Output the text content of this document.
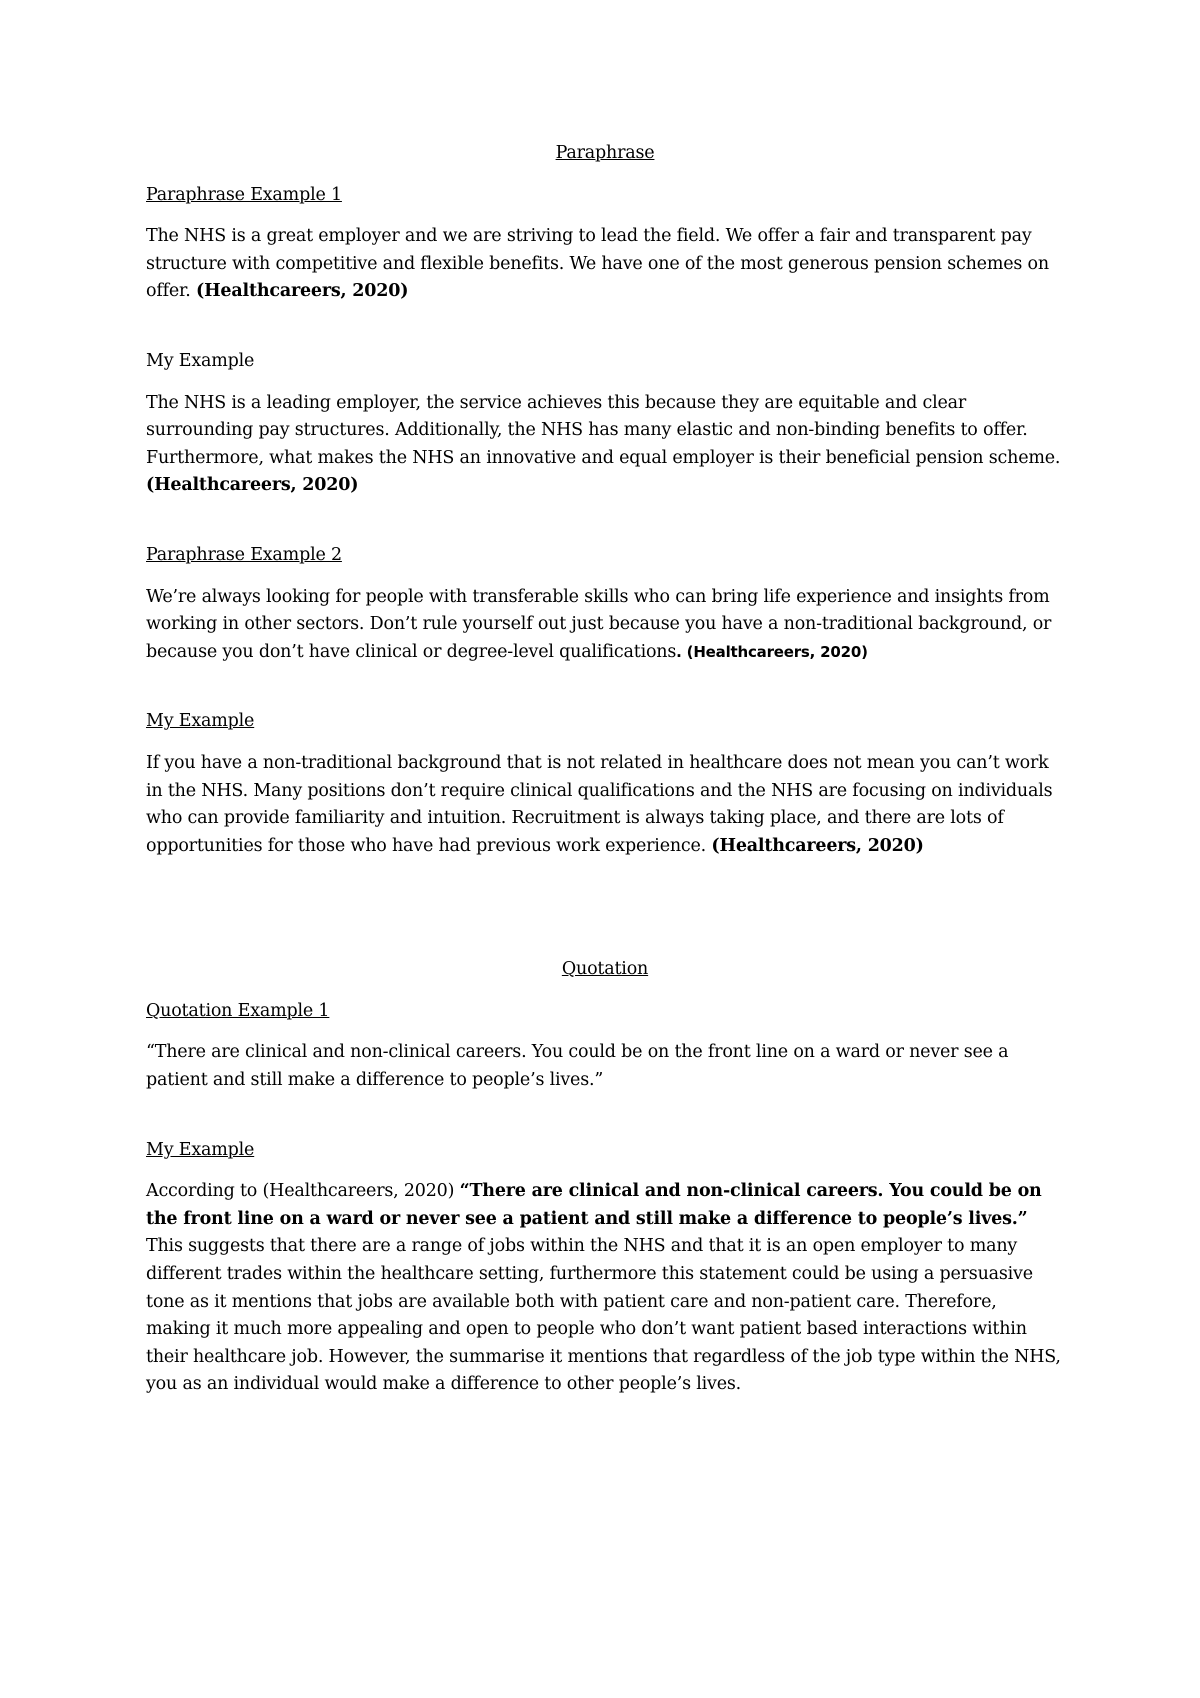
Paraphrase

Paraphrase Example 1

The NHS is a great employer and we are striving to lead the field. We offer a fair and transparent pay structure with competitive and flexible benefits. We have one of the most generous pension schemes on offer. (Healthcareers, 2020)

My Example

The NHS is a leading employer, the service achieves this because they are equitable and clear surrounding pay structures. Additionally, the NHS has many elastic and non-binding benefits to offer. Furthermore, what makes the NHS an innovative and equal employer is their beneficial pension scheme. (Healthcareers, 2020)

Paraphrase Example 2

We’re always looking for people with transferable skills who can bring life experience and insights from working in other sectors. Don’t rule yourself out just because you have a non-traditional background, or because you don’t have clinical or degree-level qualifications. (Healthcareers, 2020)

My Example

If you have a non-traditional background that is not related in healthcare does not mean you can’t work in the NHS. Many positions don’t require clinical qualifications and the NHS are focusing on individuals who can provide familiarity and intuition. Recruitment is always taking place, and there are lots of opportunities for those who have had previous work experience. (Healthcareers, 2020)

Quotation

Quotation Example 1

“There are clinical and non-clinical careers. You could be on the front line on a ward or never see a patient and still make a difference to people’s lives.”

My Example

According to (Healthcareers, 2020) “There are clinical and non-clinical careers. You could be on the front line on a ward or never see a patient and still make a difference to people’s lives.” This suggests that there are a range of jobs within the NHS and that it is an open employer to many different trades within the healthcare setting, furthermore this statement could be using a persuasive tone as it mentions that jobs are available both with patient care and non-patient care. Therefore, making it much more appealing and open to people who don’t want patient based interactions within their healthcare job. However, the summarise it mentions that regardless of the job type within the NHS, you as an individual would make a difference to other people’s lives.
